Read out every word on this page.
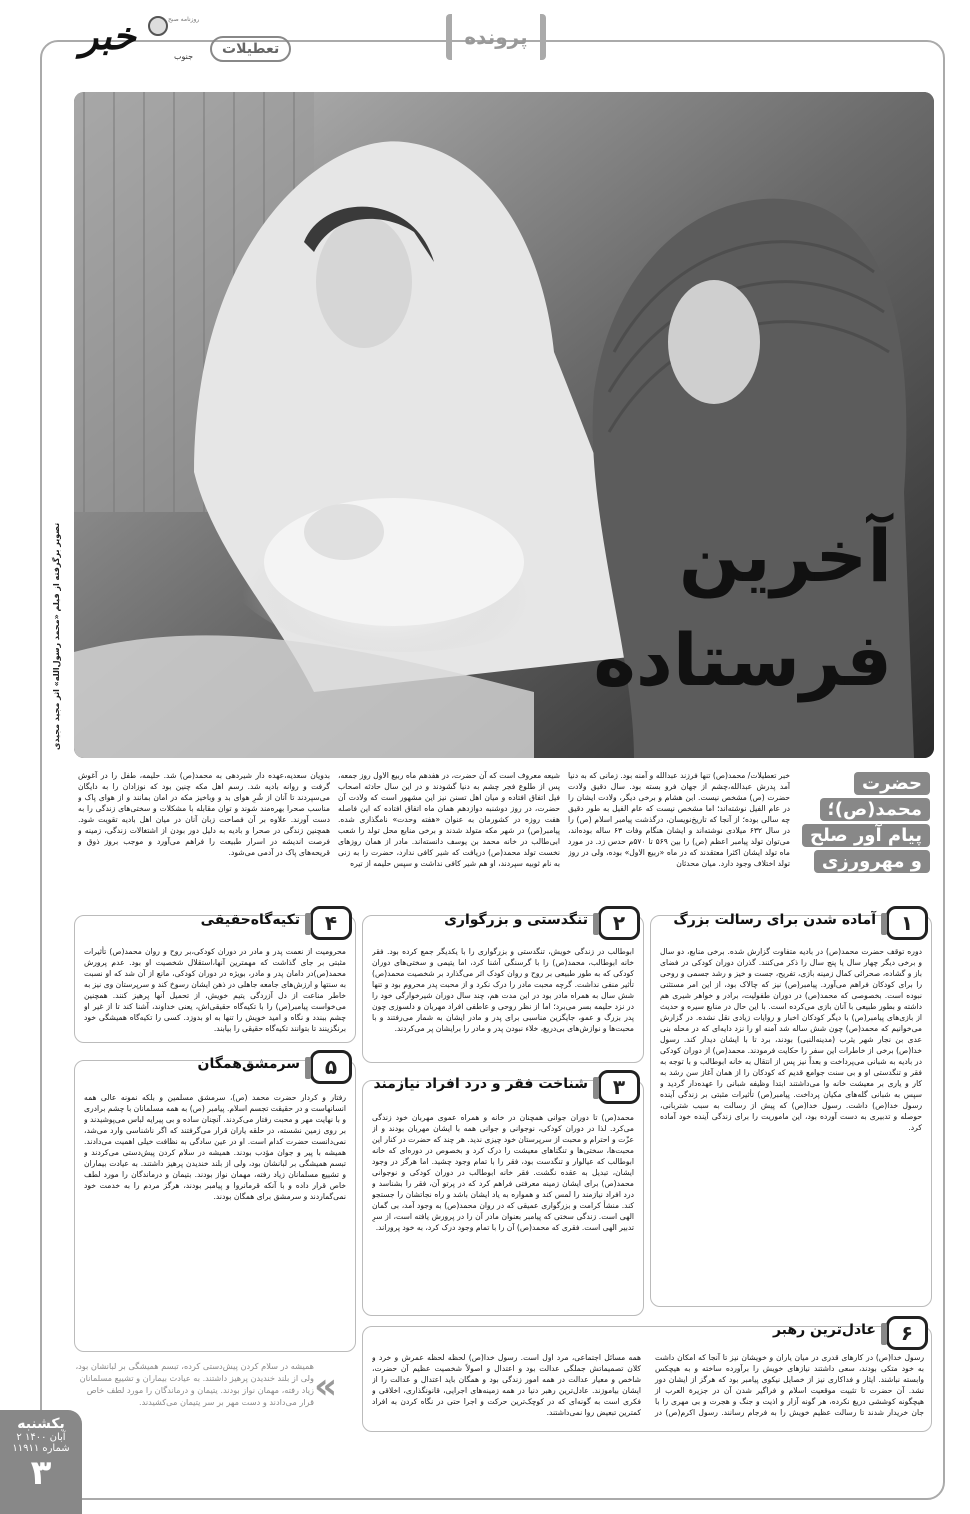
خبر	روزنامه صبح
جنوب	تعطیلات	پرونده
تصویر برگرفته از فیلم «محمد رسول‌الله» اثر مجید مجیدی	آخرین
فرستاده
حضرت
محمد(ص)؛
پیام آور صلح
و مهرورزی
خبر تعطیلات/ محمد(ص) تنها فرزند عبدالله و آمنه بود. زمانی که به دنیا آمد پدرش عبدالله،چشم از جهان فرو بسته بود. سال دقیق ولادت حضرت (ص) مشخص نیست. ابن هشام و برخی دیگر، ولادت ایشان را در عام الفیل نوشته‌اند؛ اما مشخص نیست که عام الفیل به طور دقیق چه سالی بوده؛ از آنجا که تاریخ‌نویسان، درگذشت پیامبر اسلام (ص) را در سال ۶۳۲ میلادی نوشته‌اند و ایشان هنگام وفات ۶۳ ساله بوده‌اند، می‌توان تولد پیامبر اعظم (ص) را بین ۵۶۹ تا ۵۷۰م حدس زد. در مورد ماه تولد ایشان اکثرا معتقدند که در ماه «ربیع الاول» بوده، ولی در روز تولد اختلاف وجود دارد. میان محدثان
شیعه معروف است که آن حضرت، در هفدهم ماه ربیع الاول روز جمعه، پس از طلوع فجر چشم به دنیا گشودند و در این سال حادثه اصحاب فیل اتفاق افتاده و میان اهل تسنن نیز این مشهور است که ولادت آن حضرت، در روز دوشنبه دوازدهم همان ماه اتفاق افتاده که این فاصله هفت روزه در کشورمان به عنوان «هفته وحدت» نامگذاری شده. پیامبر(ص) در شهر مکه متولد شدند و برخی منابع محل تولد را شعب ابی‌طالب در خانه محمد بن یوسف دانسته‌اند. مادر از همان روزهای نخست تولد محمد(ص) دریافت که شیر کافی ندارد، حضرت را به زنی به نام ثوبیه سپردند، او هم شیر کافی نداشت و سپس حلیمه از تیره
بدویان سعدیه،عهده دار شیردهی به محمد(ص) شد. حلیمه، طفل را در آغوش گرفت و روانه بادیه شد. رسم اهل مکه چنین بود که نوزادان را به دایگان می‌سپردند تا آنان از شُرِ هوای بد و وباخیز مکه در امان بمانند و از هوای پاک و مناسب صحرا بهره‌مند شوند و توان مقابله با مشکلات و سختی‌های زندگی را به دست آورند. علاوه بر آن فصاحت زبان آنان در میان اهل بادیه تقویت شود. همچنین زندگی در صحرا و بادیه به دلیل دور بودن از اشتغالات زندگی، زمینه و فرصت اندیشه در اسرار طبیعت را فراهم می‌آورد و موجب بروز ذوق و قریحه‌های پاک در آدمی می‌شود.
۱
آماده شدن برای رسالت بزرگ
دوره توقف حضرت محمد(ص) در بادیه متفاوت گزارش شده. برخی منابع، دو سال و برخی دیگر چهار سال یا پنج سال را ذکر می‌کنند. گذران دوران کودکی در فضای باز و گشاده، صحرائی کمال زمینه بازی، تفریح، جست و خیز و رشد جسمی و روحی را برای کودکان فراهم می‌آورد. پیامبر(ص) نیز که چالاک بود، از این امر مستثنی نبوده است. بخصوصی که محمد(ص) در دوران طفولیت، برادر و خواهر شیری هم داشته و بطور طبیعی با آنان بازی می‌کرده است. با این حال در منابع سیره و حدیث از بازی‌های پیامبر(ص) با دیگر کودکان اخبار و روایات زیادی نقل نشده. در گزارش می‌خوانیم که محمد(ص) چون شش ساله شد آمنه او را نزد دایه‌ای که در محله بنی عدی بن نجار شهر یثرب (مدینه‌النبی) بودند، برد تا با ایشان دیدار کند. رسول خدا(ص) برخی از خاطرات این سفر را حکایت فرمودند. محمد(ص) از دوران کودکی در بادیه به شبانی می‌پرداخت و بعداً نیز پس از انتقال به خانه ابوطالب و با توجه به فقر و تنگدستی او و بی سنت جوامع قدیم که کودکان را از همان آغاز سن رشد به کار و یاری بر معیشت خانه وا می‌داشتند ابتدا وظیفه شبانی را عهده‌دار گردید و سپس به شبانی گله‌های مکیان پرداخت. پیامبر(ص) تأثیرات مثبتی بر زندگی آینده رسول خدا(ص) داشت. رسول خدا(ص) که پیش از رسالت به سبب شتربانی، حوصله و تدبیری به دست آورده بود، این ماموریت را برای زندگی آینده خود آماده کرد.
۲
تنگدستی و بزرگواری
ابوطالب در زندگی خویش، تنگدستی و بزرگواری را با یکدیگر جمع کرده بود. فقر خانه ابوطالب، محمد(ص) را با گرسنگی آشنا کرد، اما یتیمی و سختی‌های دوران کودکی که به طور طبیعی بر روح و روان کودک اثر می‌گذارد بر شخصیت محمد(ص) تأثیر منفی نداشت. گرچه محبت مادر را درک نکرد و از محبت پدر محروم بود و تنها شش سال به همراه مادر بود در این مدت هم، چند سال دوران شیرخوارگی خود را در نزد حلیمه بسر می‌برد؛ اما از نظر روحی و عاطفی افراد مهربان و دلسوزی چون پدر بزرگ و عمو، جایگزین مناسبی برای پدر و مادر ایشان به شمار می‌رفتند و با محبت‌ها و نوازش‌های بی‌دریغ، خلاء نبودن پدر و مادر را برایشان پر می‌کردند.
۳
شناخت فقر و درد افراد نیازمند
محمد(ص) تا دوران جوانی همچنان در خانه و همراه عموی مهربان خود زندگی می‌کرد. لذا در دوران کودکی، نوجوانی و جوانی همه با ایشان مهربان بودند و از عزّت و احترام و محبت از سرپرستان خود چیزی ندید. هر چند که حضرت در کنار این محبت‌ها، سختی‌ها و تنگناهای معیشت را درک کرد و بخصوص در دوره‌ای که خانه ابوطالب که عیالوار و تنگدست بود، فقر را با تمام وجود چشید. اما هرگز در وجود ایشان، تبدیل به عقده نگشت. فقر خانه ابوطالب در دوران کودکی و نوجوانی محمد(ص) برای ایشان زمینه معرفتی فراهم کرد که در پرتو آن، فقر را بشناسد و درد افراد نیازمند را لمس کند و همواره به یاد ایشان باشد و راه نجاتشان را جستجو کند. منشأ کرامت و بزرگواری عمیقی که در روان محمد(ص) به وجود آمد، بی گمان الهی است. زندگی سختی که پیامبر بعنوان مادر آن را در پرورش یافته است، از سرِ تدبیر الهی است. فقری که محمد(ص) آن را با تمام وجود درک کرد، به خود پروراند.
۴
تکیه‌گاه‌حقیقی
محرومیت از نعمت پدر و مادر در دوران کودکی،بر روح و روان محمد(ص) تأثیرات مثبتی بر جای گذاشت که مهمترین آنها،استقلال شخصیت او بود. عدم پرورش محمد(ص)در دامان پدر و مادر، بویژه در دوران کودکی، مانع از آن شد که او نسبت به سنتها و ارزش‌های جامعه جاهلی در ذهن ایشان رسوخ کند و سرپرستان وی نیز به خاطر مناعت از دل آزردگی یتیم خویش، از تحمیل آنها پرهیز کنند. همچنین می‌خواست پیامبر(ص) را با تکیه‌گاه حقیقی‌اش، یعنی خداوند، آشنا کند تا از غیر او چشم ببندد و نگاه و امید خویش را تنها به او بدوزد. کسی را تکیه‌گاه همیشگی خود برنگزینند تا بتوانند تکیه‌گاه حقیقی را بیابند.
۵
سرمشق‌همگان
رفتار و کردار حضرت محمد (ص)، سرمشق مسلمین و بلکه نمونه عالی همه انسانهاست و در حقیقت تجسم اسلام. پیامبر (ص) به همه مسلمانان با چشم برادری و با نهایت مهر و محبت رفتار می‌کردند. آنچنان ساده و بی پیرایه لباس می‌پوشیدند و بر روی زمین نشسته، در حلقه یاران قرار می‌گرفتند که اگر ناشناسی وارد می‌شد، نمی‌دانست حضرت کدام است. او در عین سادگی به نظافت خیلی اهمیت می‌دادند. همیشه با پیر و جوان مؤدب بودند. همیشه در سلام کردن پیش‌دستی می‌کردند و تبسم همیشگی بر لبانشان بود، ولی از بلند خندیدن پرهیز داشتند. به عیادت بیماران و تشییع مسلمانان زیاد رفته، مهمان نواز بودند. بتیمان و درماندگان را مورد لطف خاص قرار داده و با آنکه قرمانروا و پیامبر بودند، هرگز مردم را به خدمت خود نمی‌گماردند و سرمشق برای همگان بودند.
۶
عادل‌ترین رهبر
رسول خدا(ص) در کارهای قدری در میان یاران و خویشان نیز تا آنجا که امکان داشت به خود متکی بودند، سعی داشتند نیازهای خویش را برآورده ساخته و به هیچکس وابسته نباشند. ایثار و فداکاری نیز از خصایل نیکوی پیامبر بود که هرگز از ایشان دور نشد. آن حضرت تا تثبیت موقعیت اسلام و فراگیر شدن آن در جزیرة العرب از هیچگونه کوششی دریغ نکرده، هر گونه آزار و اذیت و جنگ و هجرت و بی مهری را با جان خریدار شدند تا رسالت عظیم خویش را به فرجام رسانند. رسول اکرم(ص) در همه مسائل اجتماعی، مرد اول است. رسول خدا(ص) لحظه لحظه عمرش و خرد و کلان تصمیماتش جملگی عدالت بود و اعتدال و اصولاً شخصیت عظیم آن حضرت، شاخص و معیار عدالت در همه امور زندگی بود و همگان باید اعتدال و عدالت را از ایشان بیاموزند. عادل‌ترین رهبر دنیا در همه زمینه‌های اجرایی، قانونگذاری، اخلاقی و فکری است به گونه‌ای که در کوچک‌ترین حرکت و اجرا حتی در نگاه کردن به افراد کمترین تبعیض روا نمی‌داشتند.
همیشه در سلام کردن پیش‌دستی کرده، تبسم همیشگی بر لبانشان بود، ولی از بلند خندیدن پرهیز داشتند. به عیادت بیماران و تشییع مسلمانان زیاد رفته، مهمان نواز بودند. یتیمان و درماندگان را مورد لطف خاص قرار می‌دادند و دست مهر بر سر یتیمان می‌کشیدند. «
یکشنبه
۲ آبان ۱۴۰۰
شماره ۱۱۹۱۱
۳
